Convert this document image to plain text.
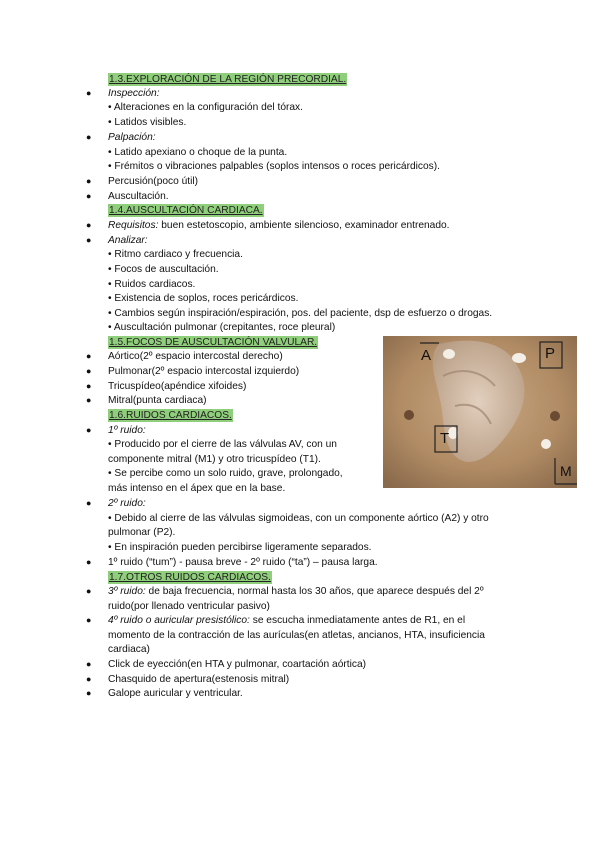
1.3.EXPLORACIÓN DE LA REGIÓN PRECORDIAL.
● Inspección:
• Alteraciones en la configuración del tórax.
• Latidos visibles.
● Palpación:
• Latido apexiano o choque de la punta.
• Frémitos o vibraciones palpables (soplos intensos o roces pericárdicos).
● Percusión(poco útil)
● Auscultación.
1.4.AUSCULTACIÓN CARDIACA.
● Requisitos: buen estetoscopio, ambiente silencioso, examinador entrenado.
● Analizar:
• Ritmo cardiaco y frecuencia.
• Focos de auscultación.
• Ruidos cardiacos.
• Existencia de soplos, roces pericárdicos.
• Cambios según inspiración/espiración, pos. del paciente, dsp de esfuerzo o drogas.
• Auscultación pulmonar (crepitantes, roce pleural)
1.5.FOCOS DE AUSCULTACIÓN VALVULAR.
● Aórtico(2º espacio intercostal derecho)
● Pulmonar(2º espacio intercostal izquierdo)
● Tricuspídeo(apéndice xifoides)
● Mitral(punta cardiaca)
1.6.RUIDOS CARDIACOS.
● 1º ruido:
• Producido por el cierre de las válvulas AV, con un
componente mitral (M1) y otro tricuspídeo (T1).
• Se percibe como un solo ruido, grave, prolongado,
más intenso en el ápex que en la base.
● 2º ruido:
• Debido al cierre de las válvulas sigmoideas, con un componente aórtico (A2) y otro
pulmonar (P2).
• En inspiración pueden percibirse ligeramente separados.
● 1º ruido (“tum”) - pausa breve - 2º ruido (“ta”) – pausa larga.
1.7.OTROS RUIDOS CARDIACOS.
● 3º ruido: de baja frecuencia, normal hasta los 30 años, que aparece después del 2º
ruido(por llenado ventricular pasivo)
● 4º ruido o auricular presistólico: se escucha inmediatamente antes de R1, en el
momento de la contracción de las aurículas(en atletas, ancianos, HTA, insuficiencia
cardiaca)
● Click de eyección(en HTA y pulmonar, coartación aórtica)
● Chasquido de apertura(estenosis mitral)
● Galope auricular y ventricular.
A	P
T
M
